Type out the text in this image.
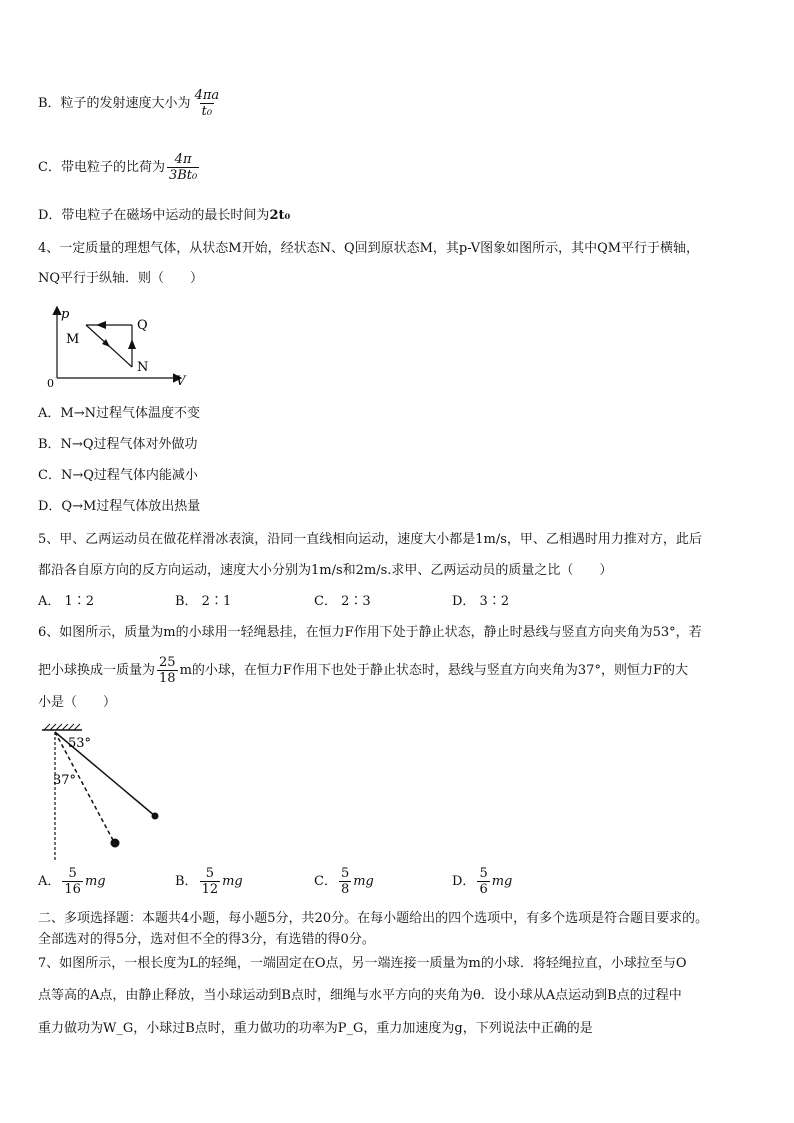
B．粒子的发射速度大小为 $\frac{4\pi a}{\text{t₀}}$
C．带电粒子的比荷为 $\frac{4\pi}{\text{3Bt₀}}$
D．带电粒子在磁场中运动的最长时间为2t₀
4、一定质量的理想气体，从状态M开始，经状态N、Q回到原状态M，其p-V图象如图所示，其中QM平行于横轴，
NQ平行于纵轴．则（　　）
p
V
0
M
Q
N
A．M→N过程气体温度不变
B．N→Q过程气体对外做功
C．N→Q过程气体内能减小
D．Q→M过程气体放出热量
5、甲、乙两运动员在做花样滑冰表演，沿同一直线相向运动，速度大小都是1m/s，甲、乙相遇时用力推对方，此后
都沿各自原方向的反方向运动，速度大小分别为1m/s和2m/s.求甲、乙两运动员的质量之比（　　）
A． 1∶2	B． 2∶1	C． 2∶3	D． 3∶2
6、如图所示，质量为m的小球用一轻绳悬挂，在恒力F作用下处于静止状态，静止时悬线与竖直方向夹角为53°，若
把小球换成一质量为 $\frac{25}{18}$ m的小球，在恒力F作用下也处于静止状态时，悬线与竖直方向夹角为37°，则恒力F的大
小是（　　）
53°
37°
A． $\frac{5}{16}$ mg	B． $\frac{5}{12}$ mg	C． $\frac{5}{8}$ mg	D． $\frac{5}{6}$ mg
二、多项选择题：本题共4小题，每小题5分，共20分。在每小题给出的四个选项中，有多个选项是符合题目要求的。
全部选对的得5分，选对但不全的得3分，有选错的得0分。
7、如图所示，一根长度为L的轻绳，一端固定在O点，另一端连接一质量为m的小球．将轻绳拉直，小球拉至与O
点等高的A点，由静止释放，当小球运动到B点时，细绳与水平方向的夹角为θ．设小球从A点运动到B点的过程中
重力做功为W_G，小球过B点时，重力做功的功率为P_G，重力加速度为g，下列说法中正确的是
